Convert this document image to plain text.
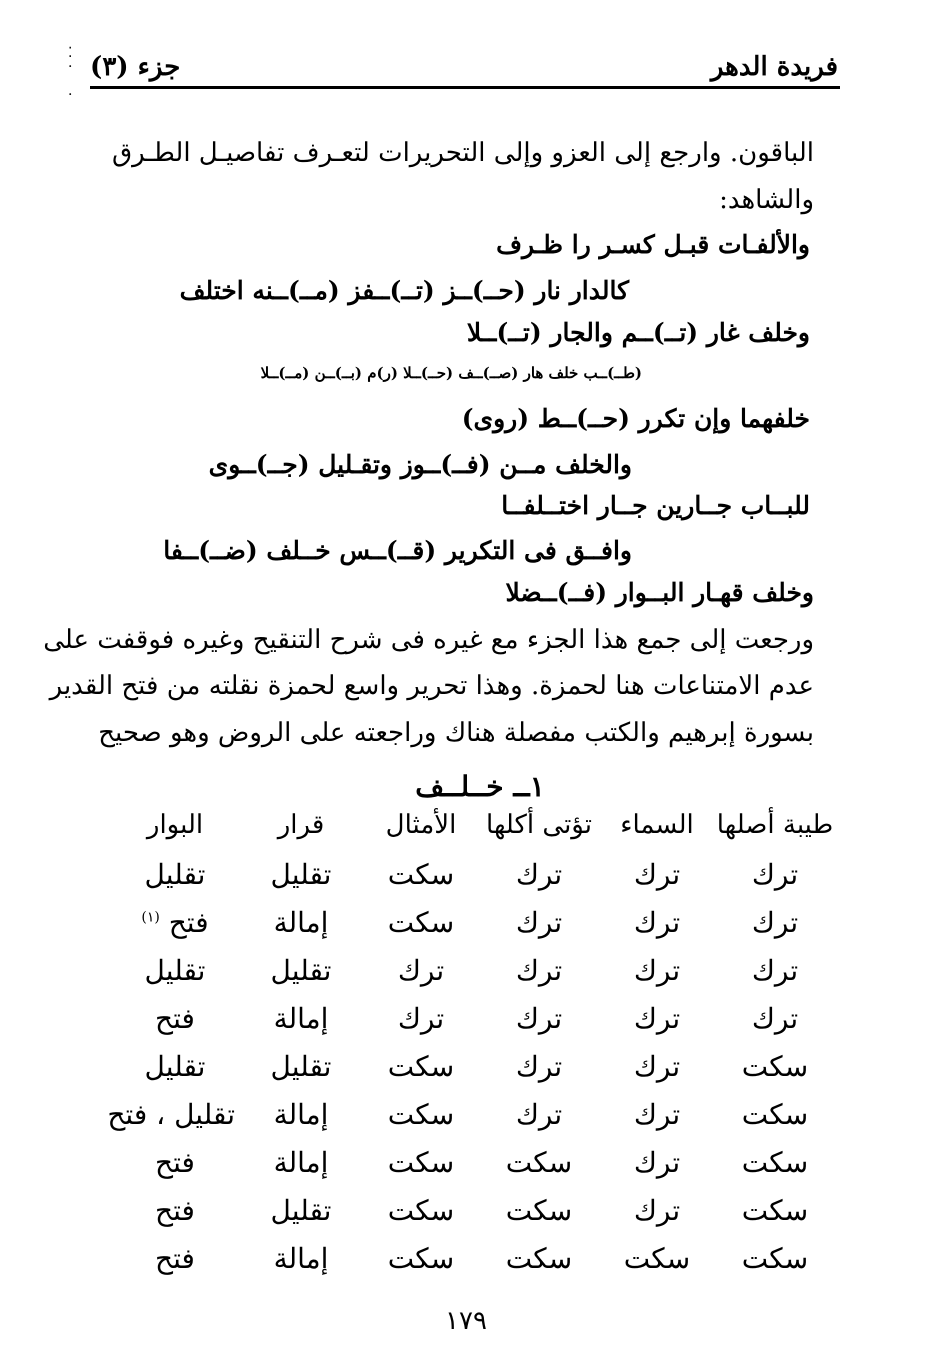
⁚
·

·
فريدة الدهر
جزء (٣)
الباقون. وارجع إلى العزو وإلى التحريرات لتعـرف تفاصيـل الطـرق
والشاهد:
والألفـات قبـل كسـر را ظـرف
كالدار نار (حــ)ــز (تــ)ــفز (مــ)ــنه اختلف
وخلف غار (تــ)ــم والجار (تــ)ــلا
(طــ)ــب خلف هار (صــ)ــف (حــ)ــلا (ر)م (بــ)ــن (مــ)ــلا
خلفهما وإن تكرر (حــ)ــط (روى)
والخلف مــن (فــ)ــوز وتقـليل (جــ)ــوى
للبــاب جــارين جــار اختــلفــا
وافــق فى التكرير (قــ)ــس خــلف (ضــ)ــفا
وخلف قهـار البــوار (فــ)ــضلا
ورجعت إلى جمع هذا الجزء مع غيره فى شرح التنقيح وغيره فوقفت على
عدم الامتناعات هنا لحمزة. وهذا تحرير واسع لحمزة نقلته من فتح القدير
بسورة إبرهيم والكتب مفصلة هناك وراجعته على الروض وهو صحيح
١ــ خــلــف
طيبة أصلها
السماء
تؤتى أكلها
الأمثال
قرار
البوار
ترك
ترك
ترك
سكت
تقليل
تقليل
ترك
ترك
ترك
سكت
إمالة
فتح $^{(١)}$
ترك
ترك
ترك
ترك
تقليل
تقليل
ترك
ترك
ترك
ترك
إمالة
فتح
سكت
ترك
ترك
سكت
تقليل
تقليل
سكت
ترك
ترك
سكت
إمالة
تقليل ، فتح
سكت
ترك
سكت
سكت
إمالة
فتح
سكت
ترك
سكت
سكت
تقليل
فتح
سكت
سكت
سكت
سكت
إمالة
فتح
١٧٩
